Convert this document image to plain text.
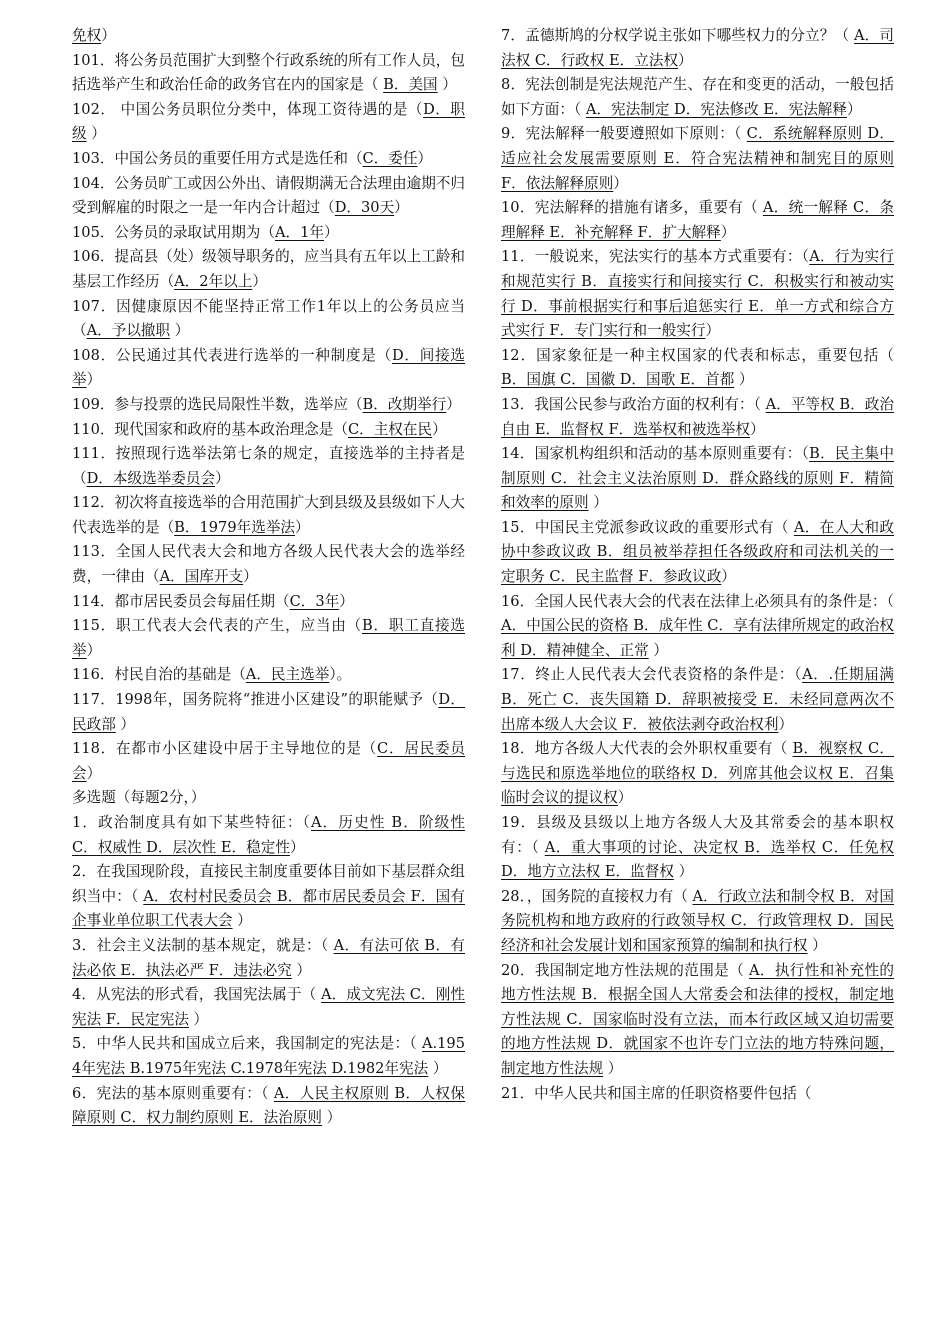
免权）

101．将公务员范围扩大到整个行政系统的所有工作人员，包括选举产生和政治任命的政务官在内的国家是（ B．美国 ）

102． 中国公务员职位分类中，体现工资待遇的是（D．职级 ）

103．中国公务员的重要任用方式是选任和（C．委任）

104．公务员旷工或因公外出、请假期满无合法理由逾期不归受到解雇的时限之一是一年内合计超过（D．30天）

105．公务员的录取试用期为（A．1年）

106．提高县（处）级领导职务的，应当具有五年以上工龄和基层工作经历（A．2年以上）

107．因健康原因不能坚持正常工作1年以上的公务员应当（A．予以撤职 ）

108．公民通过其代表进行选举的一种制度是（D．间接选举）

109．参与投票的选民局限性半数，选举应（B．改期举行）

110．现代国家和政府的基本政治理念是（C．主权在民）

111．按照现行选举法第七条的规定，直接选举的主持者是（D．本级选举委员会）

112．初次将直接选举的合用范围扩大到县级及县级如下人大代表选举的是（B．1979年选举法）

113．全国人民代表大会和地方各级人民代表大会的选举经费，一律由（A．国库开支）

114．都市居民委员会每届任期（C．3年）

115．职工代表大会代表的产生，应当由（B．职工直接选举）

116．村民自治的基础是（A．民主选举）。

117．1998年，国务院将“推进小区建设”的职能赋予（D．民政部 ）

118．在都市小区建设中居于主导地位的是（C．居民委员会）

多选题（每题2分，）

1．政治制度具有如下某些特征：（A．历史性 B．阶级性 C．权威性 D．层次性 E．稳定性）

2．在我国现阶段，直接民主制度重要体目前如下基层群众组织当中：（ A．农村村民委员会 B．都市居民委员会 F．国有企事业单位职工代表大会 ）

3．社会主义法制的基本规定，就是：（ A．有法可依 B．有法必依 E．执法必严 F．违法必究 ）

4．从宪法的形式看，我国宪法属于（ A．成文宪法 C．刚性宪法 F．民定宪法 ）

5．中华人民共和国成立后来，我国制定的宪法是：（ A.1954年宪法 B.1975年宪法 C.1978年宪法 D.1982年宪法 ）

6．宪法的基本原则重要有：（ A．人民主权原则 B．人权保障原则 C．权力制约原则 E．法治原则 ）

7．孟德斯鸠的分权学说主张如下哪些权力的分立？（ A．司法权 C．行政权 E．立法权）

8．宪法创制是宪法规范产生、存在和变更的活动，一般包括如下方面：（ A．宪法制定 D．宪法修改 E．宪法解释）

9．宪法解释一般要遵照如下原则：（ C．系统解释原则 D．适应社会发展需要原则 E．符合宪法精神和制宪目的原则 F．依法解释原则）

10．宪法解释的措施有诸多，重要有（ A．统一解释 C．条理解释 E．补充解释 F．扩大解释）

11．一般说来，宪法实行的基本方式重要有：（A．行为实行和规范实行 B．直接实行和间接实行 C．积极实行和被动实行 D．事前根据实行和事后追惩实行 E．单一方式和综合方式实行 F．专门实行和一般实行）

12．国家象征是一种主权国家的代表和标志，重要包括（ B．国旗 C．国徽 D．国歌 E．首都 ）

13．我国公民参与政治方面的权利有：（ A．平等权 B．政治自由 E．监督权 F．选举权和被选举权）

14．国家机构组织和活动的基本原则重要有：（B．民主集中制原则 C．社会主义法治原则 D．群众路线的原则 F．精简和效率的原则 ）

15．中国民主党派参政议政的重要形式有（ A．在人大和政协中参政议政 B．组员被举荐担任各级政府和司法机关的一定职务 C．民主监督 F．参政议政）

16．全国人民代表大会的代表在法律上必须具有的条件是：（ A．中国公民的资格 B．成年性 C．享有法律所规定的政治权利 D．精神健全、正常 ）

17．终止人民代表大会代表资格的条件是：（A．.任期届满 B．死亡 C．丧失国籍 D．辞职被接受 E．未经同意两次不出席本级人大会议 F．被依法剥夺政治权利）

18．地方各级人大代表的会外职权重要有（ B．视察权 C．与选民和原选举地位的联络权 D．列席其他会议权 E．召集临时会议的提议权）

19．县级及县级以上地方各级人大及其常委会的基本职权有：（ A．重大事项的讨论、决定权 B．选举权 C．任免权 D．地方立法权 E．监督权 ）

28．，国务院的直接权力有（ A．行政立法和制令权 B．对国务院机构和地方政府的行政领导权 C．行政管理权 D．国民经济和社会发展计划和国家预算的编制和执行权 ）

20．我国制定地方性法规的范围是（ A．执行性和补充性的地方性法规 B．根据全国人大常委会和法律的授权，制定地方性法规 C．国家临时没有立法，而本行政区域又迫切需要的地方性法规 D．就国家不也许专门立法的地方特殊问题，制定地方性法规 ）

21．中华人民共和国主席的任职资格要件包括（
